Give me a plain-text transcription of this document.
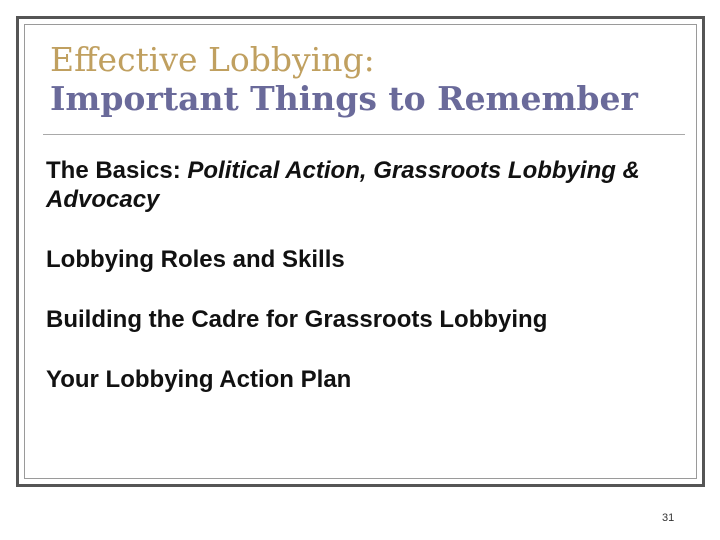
Effective Lobbying:
Important Things to Remember
The Basics: Political Action, Grassroots Lobbying & Advocacy
Lobbying Roles and Skills
Building the Cadre for Grassroots Lobbying
Your Lobbying Action Plan
31
